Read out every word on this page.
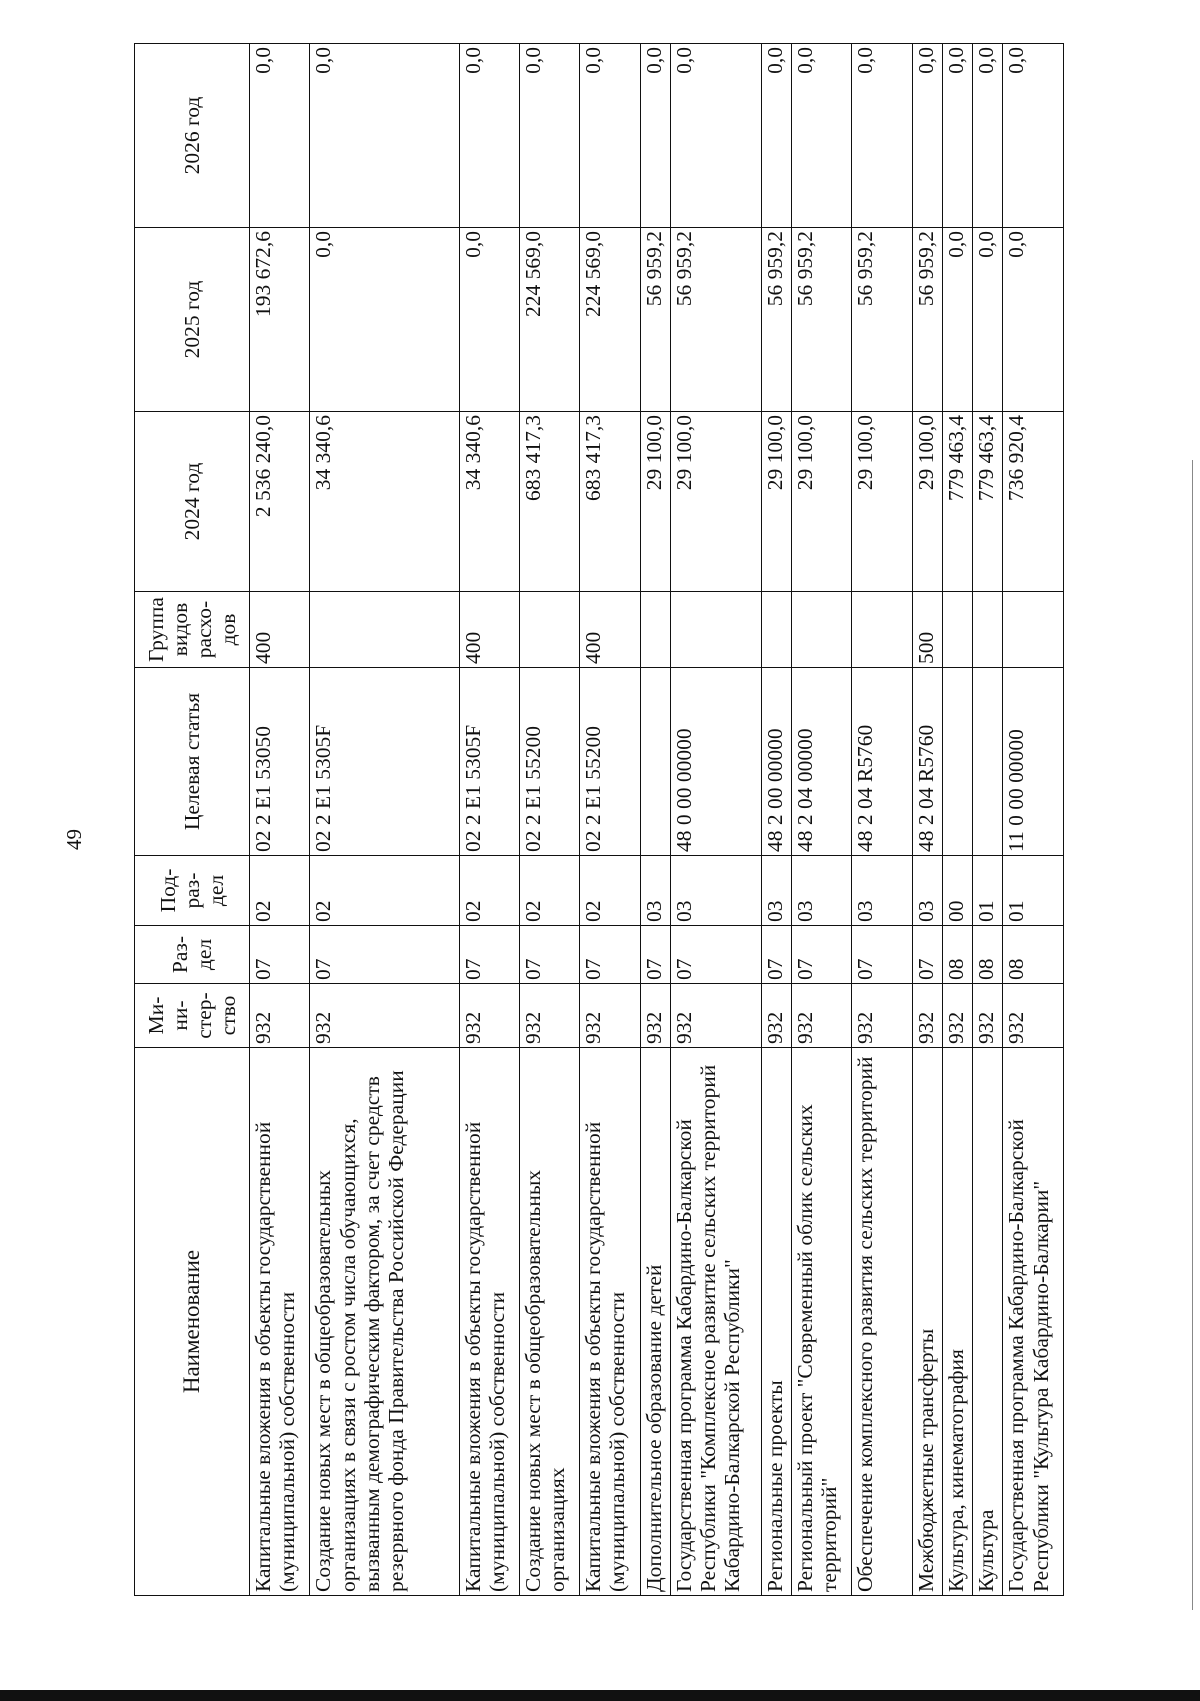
49
Наименование	Ми-
ни-
стер-
ство	Раз-
дел	Под-
раз-
дел	Целевая статья	Группа
видов
расхо-
дов	2024 год	2025 год	2026 год
Капитальные вложения в объекты государственной (муниципальной) собственности	932	07	02	02 2 E1 53050	400	2 536 240,0	193 672,6	0,0
Создание новых мест в общеобразовательных организациях в связи с ростом числа обучающихся, вызванным демографическим фактором, за счет средств резервного фонда Правительства Российской Федерации	932	07	02	02 2 E1 5305F		34 340,6	0,0	0,0
Капитальные вложения в объекты государственной (муниципальной) собственности	932	07	02	02 2 E1 5305F	400	34 340,6	0,0	0,0
Создание новых мест в общеобразовательных организациях	932	07	02	02 2 E1 55200		683 417,3	224 569,0	0,0
Капитальные вложения в объекты государственной (муниципальной) собственности	932	07	02	02 2 E1 55200	400	683 417,3	224 569,0	0,0
Дополнительное образование детей	932	07	03			29 100,0	56 959,2	0,0
Государственная программа Кабардино-Балкарской Республики "Комплексное развитие сельских территорий Кабардино-Балкарской Республики"	932	07	03	48 0 00 00000		29 100,0	56 959,2	0,0
Региональные проекты	932	07	03	48 2 00 00000		29 100,0	56 959,2	0,0
Региональный проект "Современный облик сельских территорий"	932	07	03	48 2 04 00000		29 100,0	56 959,2	0,0
Обеспечение комплексного развития сельских территорий	932	07	03	48 2 04 R5760		29 100,0	56 959,2	0,0
Межбюджетные трансферты	932	07	03	48 2 04 R5760	500	29 100,0	56 959,2	0,0
Культура, кинематография	932	08	00			779 463,4	0,0	0,0
Культура	932	08	01			779 463,4	0,0	0,0
Государственная программа Кабардино-Балкарской Республики "Культура Кабардино-Балкарии"	932	08	01	11 0 00 00000		736 920,4	0,0	0,0
